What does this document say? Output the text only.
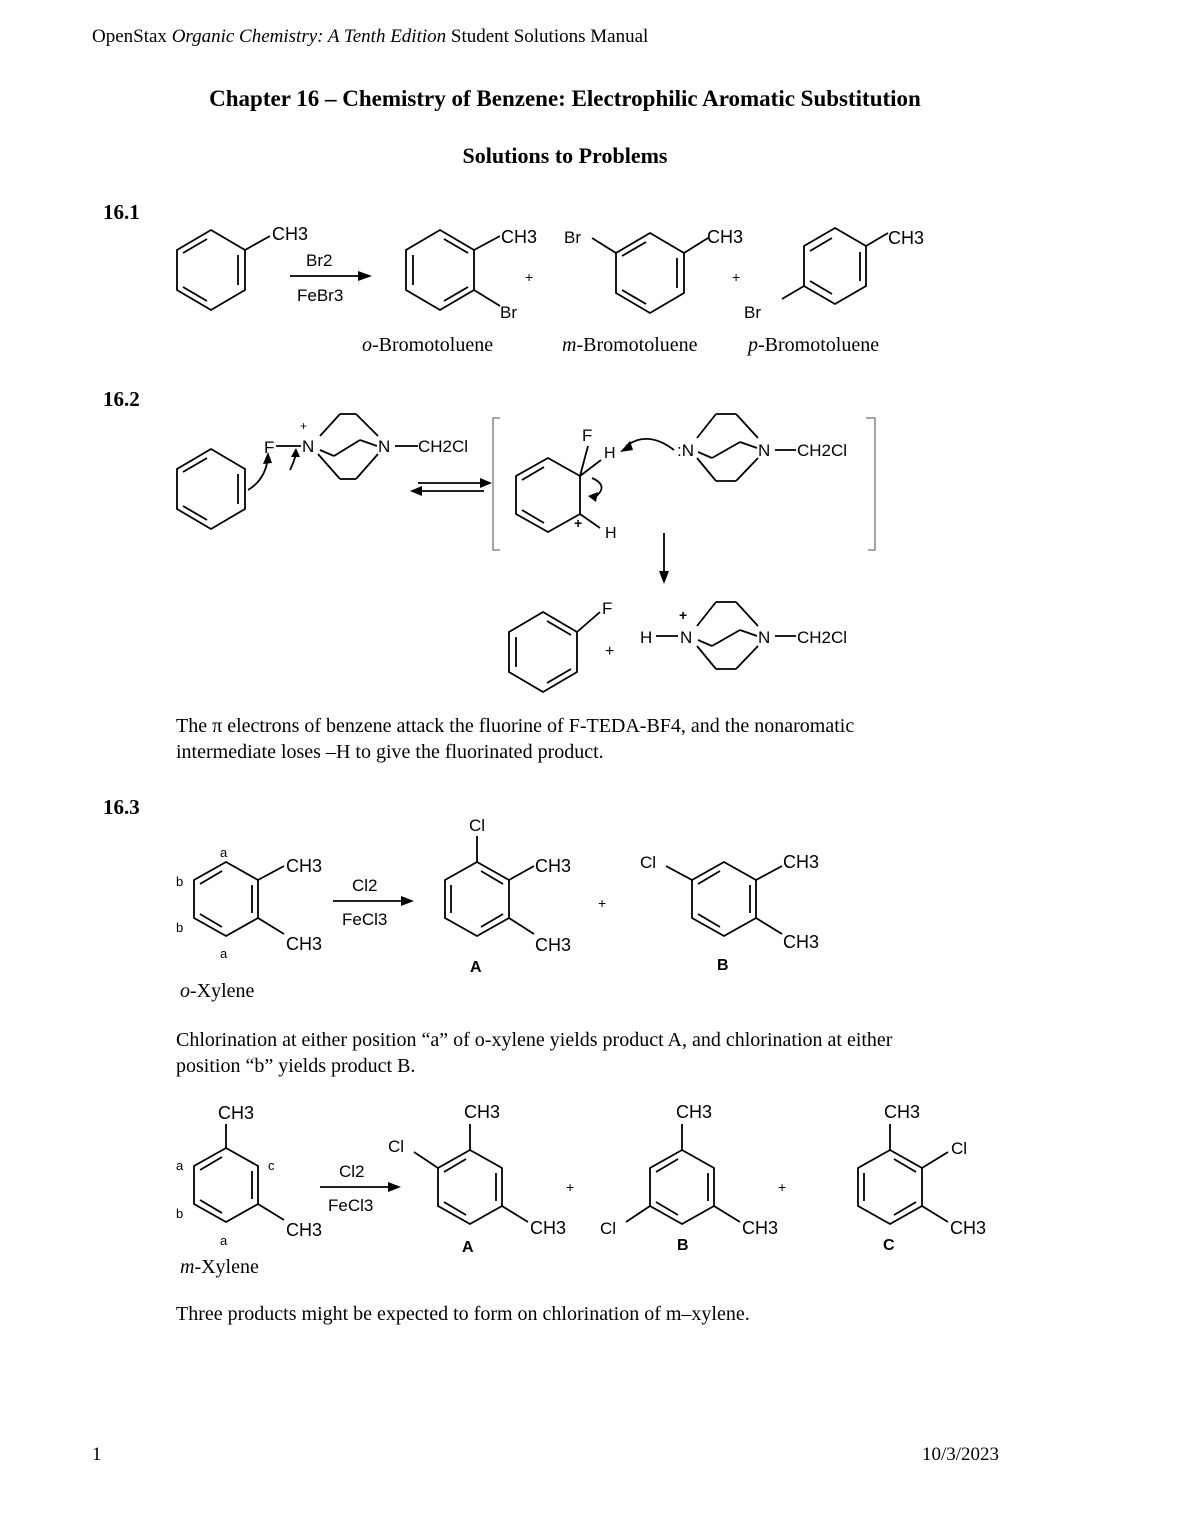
OpenStax Organic Chemistry: A Tenth Edition Student Solutions Manual
Chapter 16 – Chemistry of Benzene: Electrophilic Aromatic Substitution
Solutions to Problems
16.1
CH3
Br2
FeBr3
CH3
Br
+
CH3
Br
+
CH3
Br
o-Bromotoluene	m-Bromotoluene	p-Bromotoluene
16.2
F
+
N	N CH2Cl
F
H
H
+
:N	N CH2Cl
F
+
H
+
N	N CH2Cl
The π electrons of benzene attack the fluorine of F-TEDA-BF4, and the nonaromatic
intermediate loses –H to give the fluorinated product.
16.3
CH3
CH3
a
b
b
a
o-Xylene
Cl2
FeCl3
Cl
CH3
CH3
A
+
Cl	CH3
CH3
B
Chlorination at either position “a” of o-xylene yields product A, and chlorination at either
position “b” yields product B.
CH3
CH3
a	c
b
a
m-Xylene
Cl2
FeCl3
CH3
Cl
CH3
A
+
CH3
Cl	CH3
B
+
CH3
Cl
CH3
C
Three products might be expected to form on chlorination of m–xylene.
1	10/3/2023
